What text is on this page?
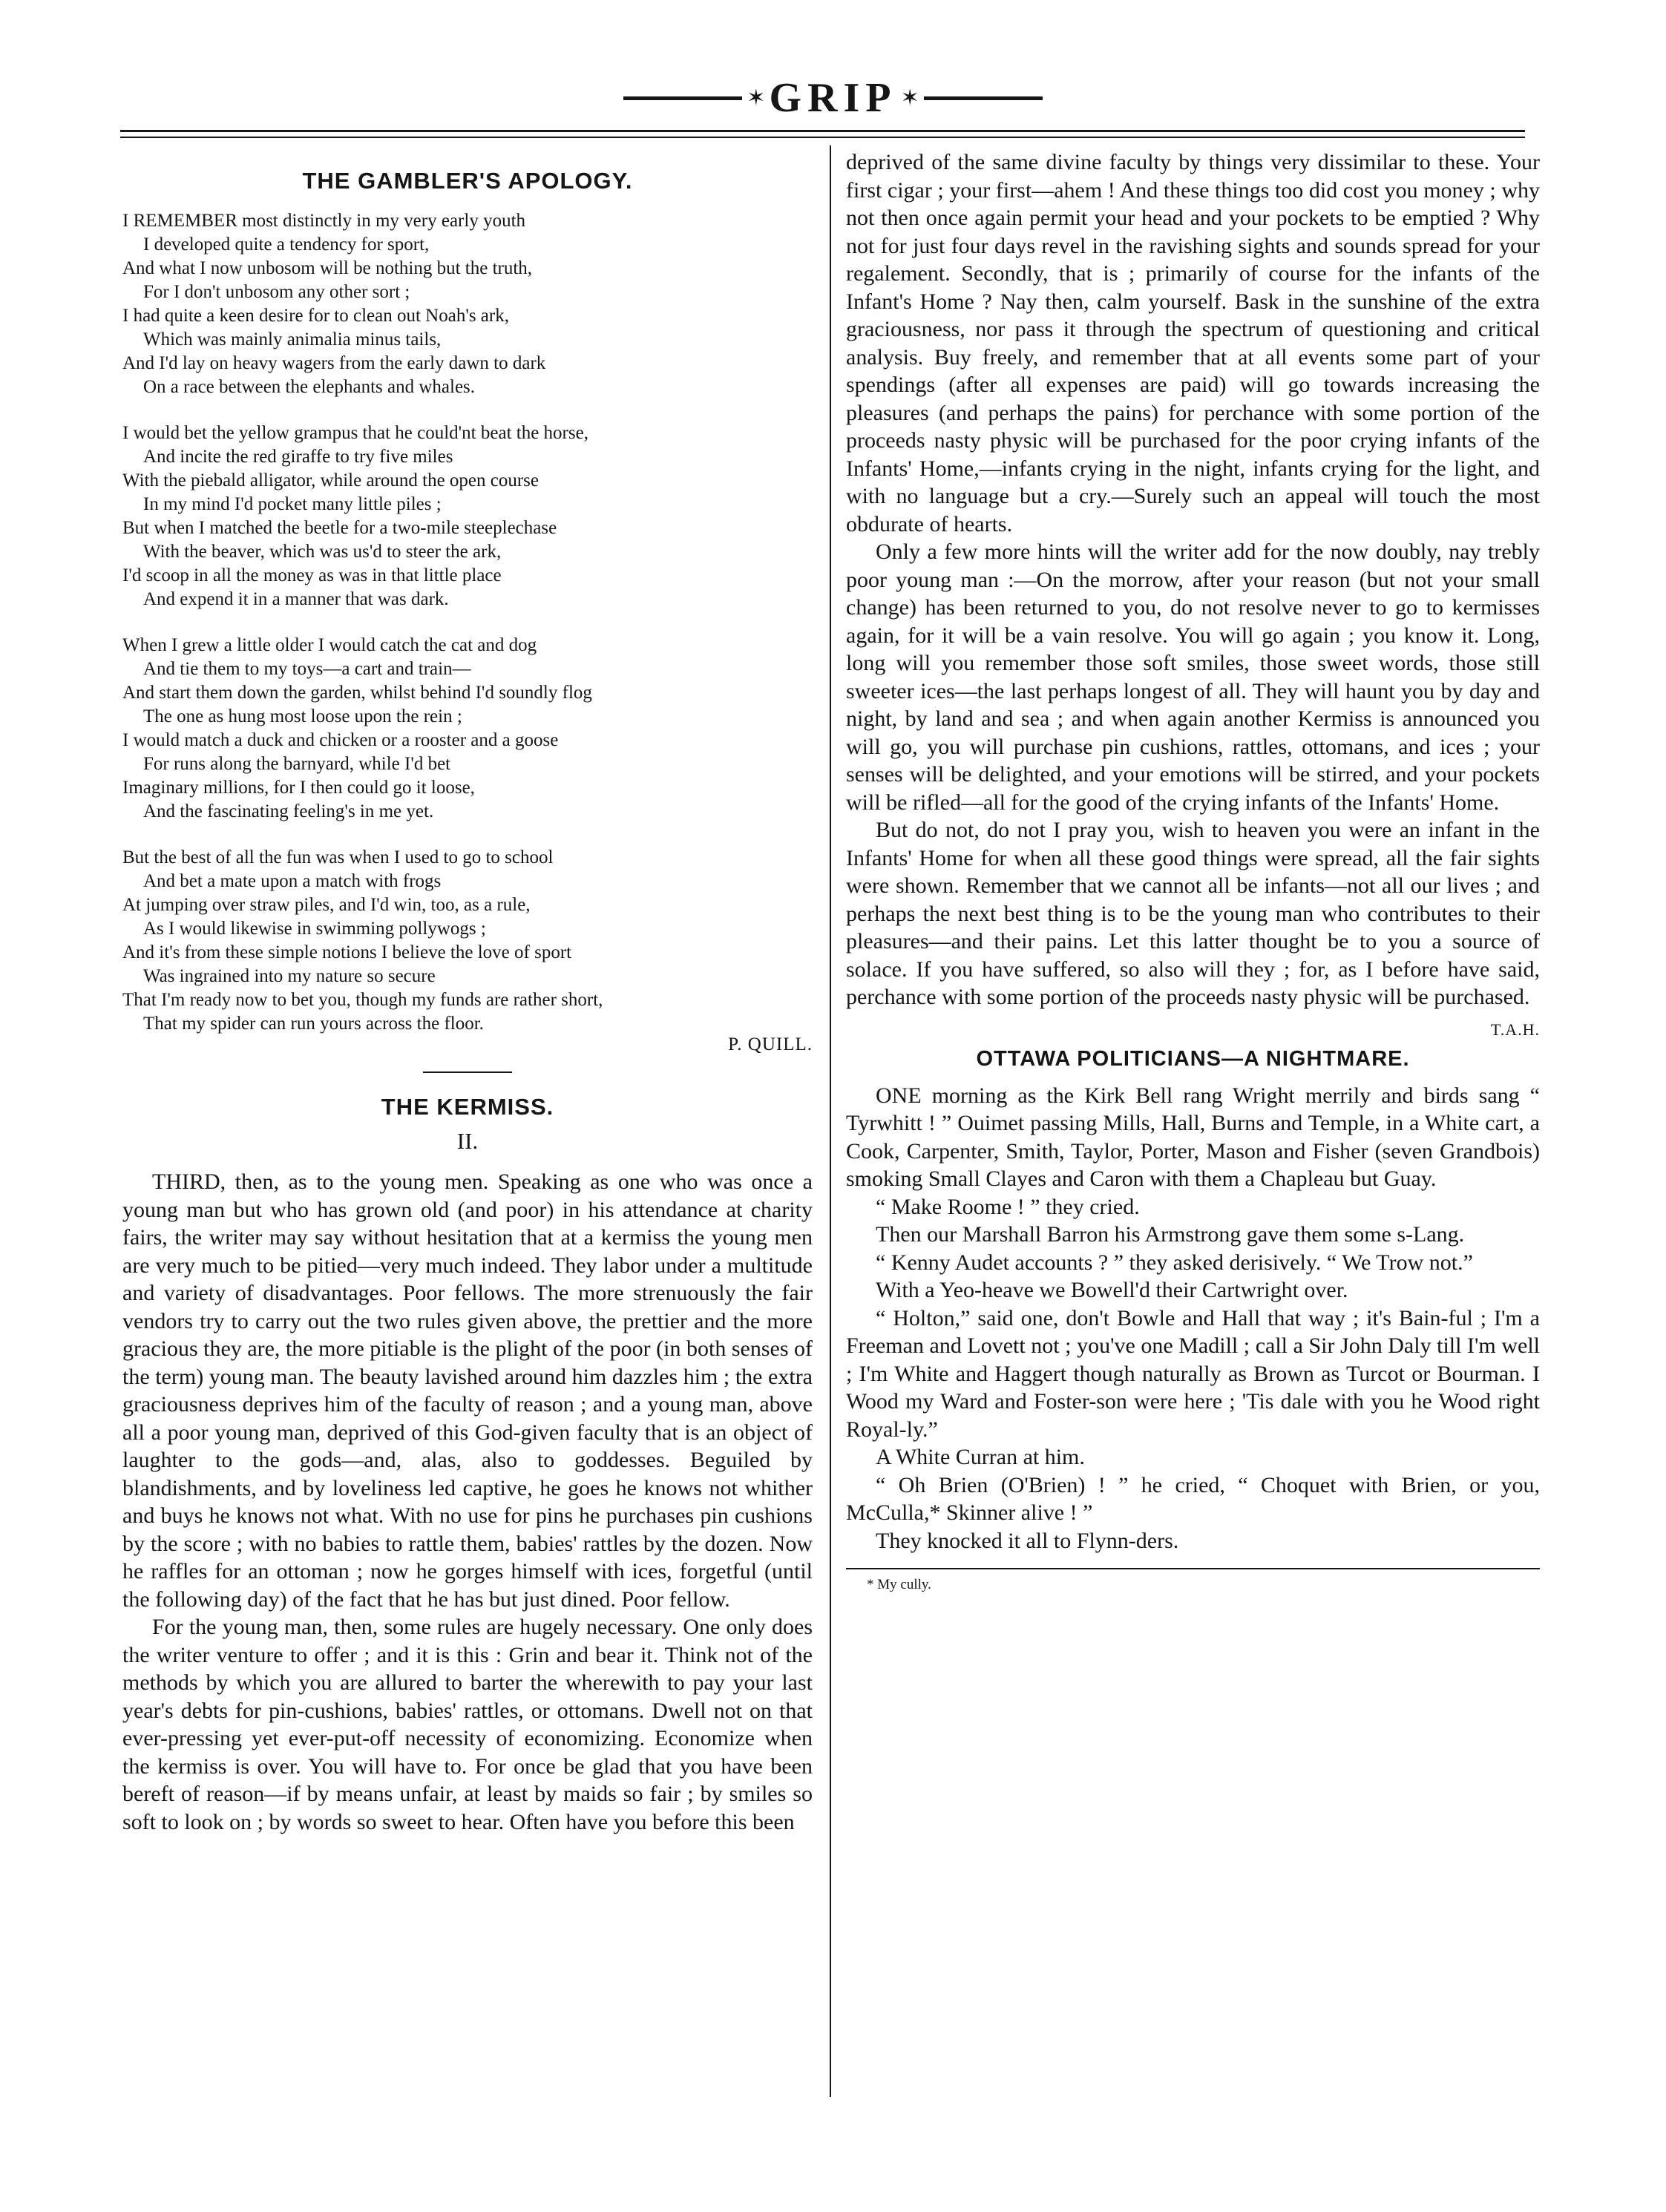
✶ GRIP ✶
THE GAMBLER'S APOLOGY.
I REMEMBER most distinctly in my very early youth
I developed quite a tendency for sport,
And what I now unbosom will be nothing but the truth,
For I don't unbosom any other sort ;
I had quite a keen desire for to clean out Noah's ark,
Which was mainly animalia minus tails,
And I'd lay on heavy wagers from the early dawn to dark
On a race between the elephants and whales.
I would bet the yellow grampus that he could'nt beat the horse,
And incite the red giraffe to try five miles
With the piebald alligator, while around the open course
In my mind I'd pocket many little piles ;
But when I matched the beetle for a two-mile steeplechase
With the beaver, which was us'd to steer the ark,
I'd scoop in all the money as was in that little place
And expend it in a manner that was dark.
When I grew a little older I would catch the cat and dog
And tie them to my toys—a cart and train—
And start them down the garden, whilst behind I'd soundly flog
The one as hung most loose upon the rein ;
I would match a duck and chicken or a rooster and a goose
For runs along the barnyard, while I'd bet
Imaginary millions, for I then could go it loose,
And the fascinating feeling's in me yet.
But the best of all the fun was when I used to go to school
And bet a mate upon a match with frogs
At jumping over straw piles, and I'd win, too, as a rule,
As I would likewise in swimming pollywogs ;
And it's from these simple notions I believe the love of sport
Was ingrained into my nature so secure
That I'm ready now to bet you, though my funds are rather short,
That my spider can run yours across the floor.
P. QUILL.
THE KERMISS.
II.

THIRD, then, as to the young men. Speaking as one who was once a young man but who has grown old (and poor) in his attendance at charity fairs, the writer may say without hesitation that at a kermiss the young men are very much to be pitied—very much indeed. They labor under a multitude and variety of disadvantages. Poor fellows. The more strenuously the fair vendors try to carry out the two rules given above, the prettier and the more gracious they are, the more pitiable is the plight of the poor (in both senses of the term) young man. The beauty lavished around him dazzles him ; the extra graciousness deprives him of the faculty of reason ; and a young man, above all a poor young man, deprived of this God-given faculty that is an object of laughter to the gods—and, alas, also to goddesses. Beguiled by blandishments, and by loveliness led captive, he goes he knows not whither and buys he knows not what. With no use for pins he purchases pin cushions by the score ; with no babies to rattle them, babies' rattles by the dozen. Now he raffles for an ottoman ; now he gorges himself with ices, forgetful (until the following day) of the fact that he has but just dined. Poor fellow.

For the young man, then, some rules are hugely necessary. One only does the writer venture to offer ; and it is this : Grin and bear it. Think not of the methods by which you are allured to barter the wherewith to pay your last year's debts for pin-cushions, babies' rattles, or ottomans. Dwell not on that ever-pressing yet ever-put-off necessity of economizing. Economize when the kermiss is over. You will have to. For once be glad that you have been bereft of reason—if by means unfair, at least by maids so fair ; by smiles so soft to look on ; by words so sweet to hear. Often have you before this been

deprived of the same divine faculty by things very dissimilar to these. Your first cigar ; your first—ahem ! And these things too did cost you money ; why not then once again permit your head and your pockets to be emptied ? Why not for just four days revel in the ravishing sights and sounds spread for your regalement. Secondly, that is ; primarily of course for the infants of the Infant's Home ? Nay then, calm yourself. Bask in the sunshine of the extra graciousness, nor pass it through the spectrum of questioning and critical analysis. Buy freely, and remember that at all events some part of your spendings (after all expenses are paid) will go towards increasing the pleasures (and perhaps the pains) for perchance with some portion of the proceeds nasty physic will be purchased for the poor crying infants of the Infants' Home,—infants crying in the night, infants crying for the light, and with no language but a cry.—Surely such an appeal will touch the most obdurate of hearts.

Only a few more hints will the writer add for the now doubly, nay trebly poor young man :—On the morrow, after your reason (but not your small change) has been returned to you, do not resolve never to go to kermisses again, for it will be a vain resolve. You will go again ; you know it. Long, long will you remember those soft smiles, those sweet words, those still sweeter ices—the last perhaps longest of all. They will haunt you by day and night, by land and sea ; and when again another Kermiss is announced you will go, you will purchase pin cushions, rattles, ottomans, and ices ; your senses will be delighted, and your emotions will be stirred, and your pockets will be rifled—all for the good of the crying infants of the Infants' Home.

But do not, do not I pray you, wish to heaven you were an infant in the Infants' Home for when all these good things were spread, all the fair sights were shown. Remember that we cannot all be infants—not all our lives ; and perhaps the next best thing is to be the young man who contributes to their pleasures—and their pains. Let this latter thought be to you a source of solace. If you have suffered, so also will they ; for, as I before have said, perchance with some portion of the proceeds nasty physic will be purchased.
T.A.H.

OTTAWA POLITICIANS—A NIGHTMARE.

ONE morning as the Kirk Bell rang Wright merrily and birds sang “ Tyrwhitt ! ” Ouimet passing Mills, Hall, Burns and Temple, in a White cart, a Cook, Carpenter, Smith, Taylor, Porter, Mason and Fisher (seven Grandbois) smoking Small Clayes and Caron with them a Chapleau but Guay.

“ Make Roome ! ” they cried.

Then our Marshall Barron his Armstrong gave them some s-Lang.

“ Kenny Audet accounts ? ” they asked derisively. “ We Trow not.”

With a Yeo-heave we Bowell'd their Cartwright over.

“ Holton,” said one, don't Bowle and Hall that way ; it's Bain-ful ; I'm a Freeman and Lovett not ; you've one Madill ; call a Sir John Daly till I'm well ; I'm White and Haggert though naturally as Brown as Turcot or Bourman. I Wood my Ward and Foster-son were here ; 'Tis dale with you he Wood right Royal-ly.”

A White Curran at him.

“ Oh Brien (O'Brien) ! ” he cried, “ Choquet with Brien, or you, McCulla,* Skinner alive ! ”

They knocked it all to Flynn-ders.

* My cully.
